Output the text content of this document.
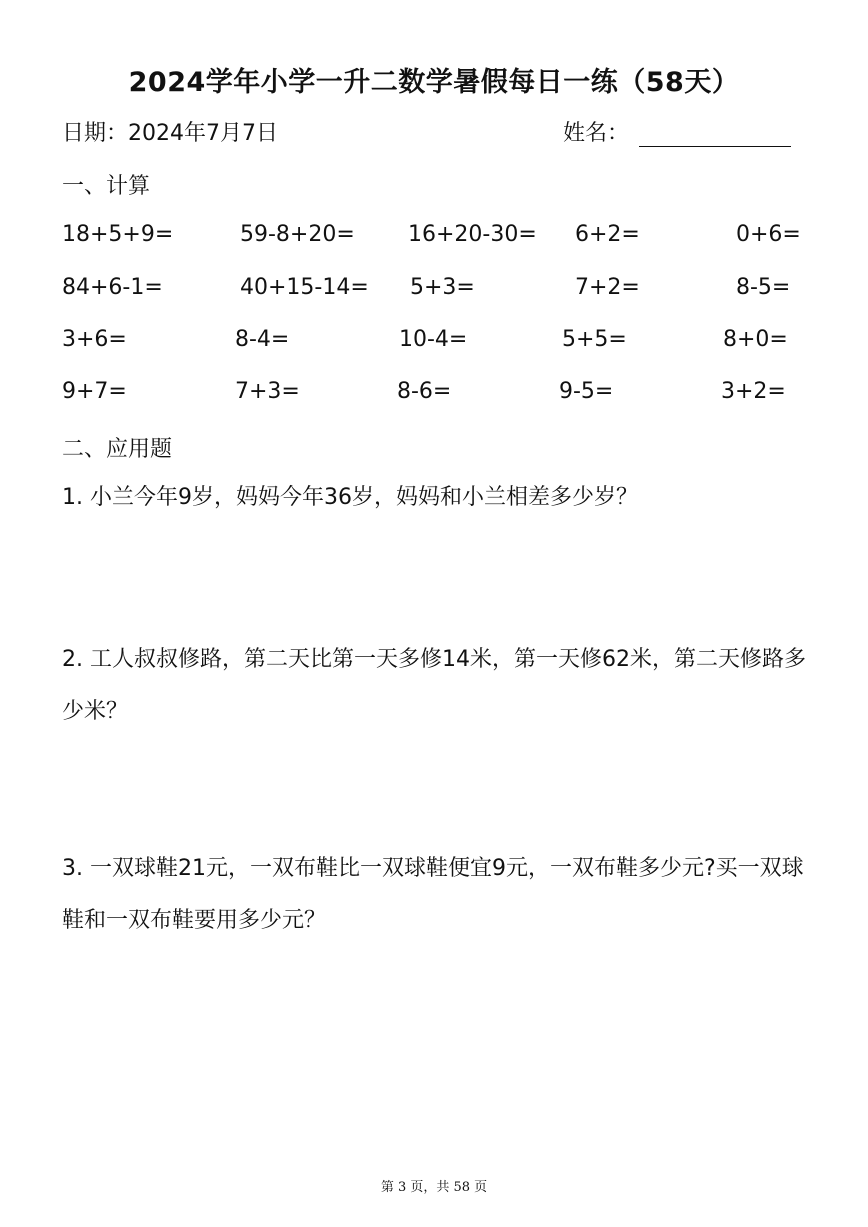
2024学年小学一升二数学暑假每日一练（58天）
日期：2024年7月7日	姓名：
一、计算
18+5+9=	59-8+20= 16+20-30= 6+2=	0+6=
84+6-1=	40+15-14= 5+3=	7+2=	8-5=
3+6=	8-4=	10-4=	5+5=	8+0=
9+7=	7+3=	8-6=	9-5=	3+2=
二、应用题
1. 小兰今年9岁，妈妈今年36岁，妈妈和小兰相差多少岁？
2. 工人叔叔修路，第二天比第一天多修14米，第一天修62米，第二天修路多少米？
3. 一双球鞋21元，一双布鞋比一双球鞋便宜9元，一双布鞋多少元?买一双球鞋和一双布鞋要用多少元？
第 3 页，共 58 页
